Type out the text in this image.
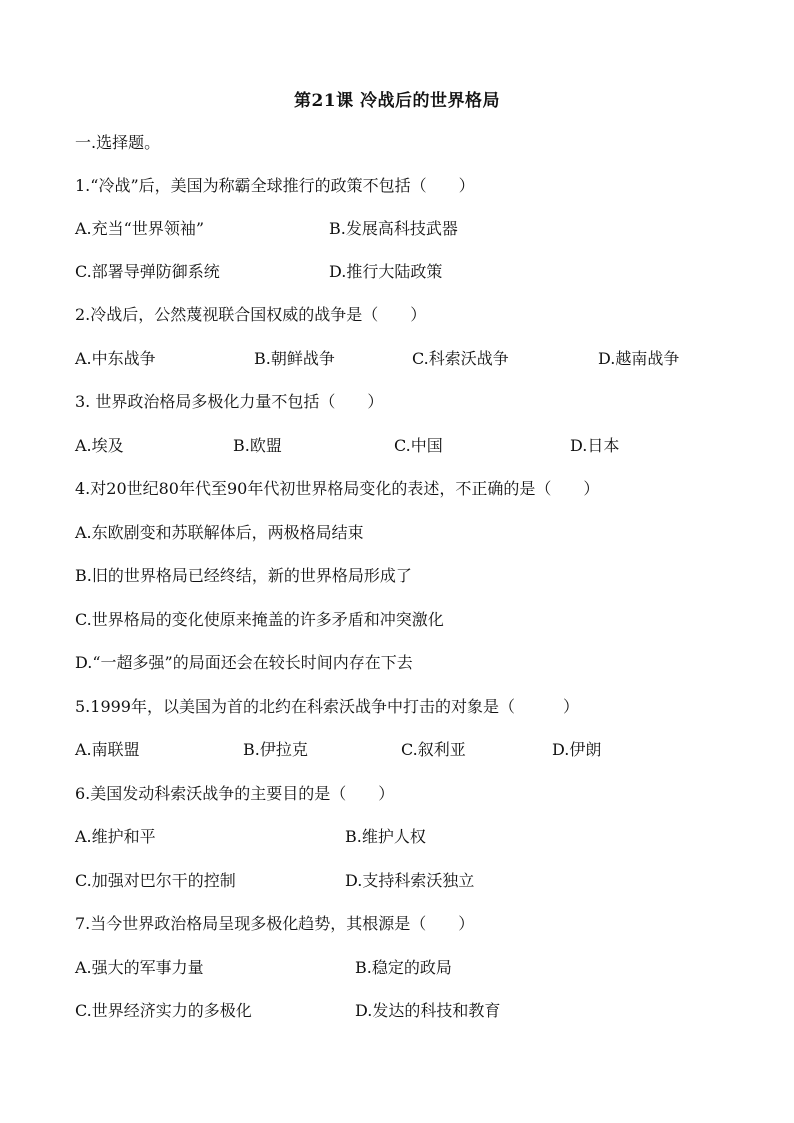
第21课 冷战后的世界格局
一.选择题。
1.“冷战”后，美国为称霸全球推行的政策不包括（　　）
A.充当“世界领袖”	B.发展高科技武器
C.部署导弹防御系统	D.推行大陆政策
2.冷战后，公然蔑视联合国权威的战争是（　　）
A.中东战争	B.朝鲜战争	C.科索沃战争	D.越南战争
3. 世界政治格局多极化力量不包括（　　）
A.埃及	B.欧盟	C.中国	D.日本
4.对20世纪80年代至90年代初世界格局变化的表述，不正确的是（　　）
A.东欧剧变和苏联解体后，两极格局结束
B.旧的世界格局已经终结，新的世界格局形成了
C.世界格局的变化使原来掩盖的许多矛盾和冲突激化
D.“一超多强”的局面还会在较长时间内存在下去
5.1999年，以美国为首的北约在科索沃战争中打击的对象是（　　　）
A.南联盟	B.伊拉克	C.叙利亚	D.伊朗
6.美国发动科索沃战争的主要目的是（　　）
A.维护和平	B.维护人权
C.加强对巴尔干的控制	D.支持科索沃独立
7.当今世界政治格局呈现多极化趋势，其根源是（　　）
A.强大的军事力量	B.稳定的政局
C.世界经济实力的多极化	D.发达的科技和教育
